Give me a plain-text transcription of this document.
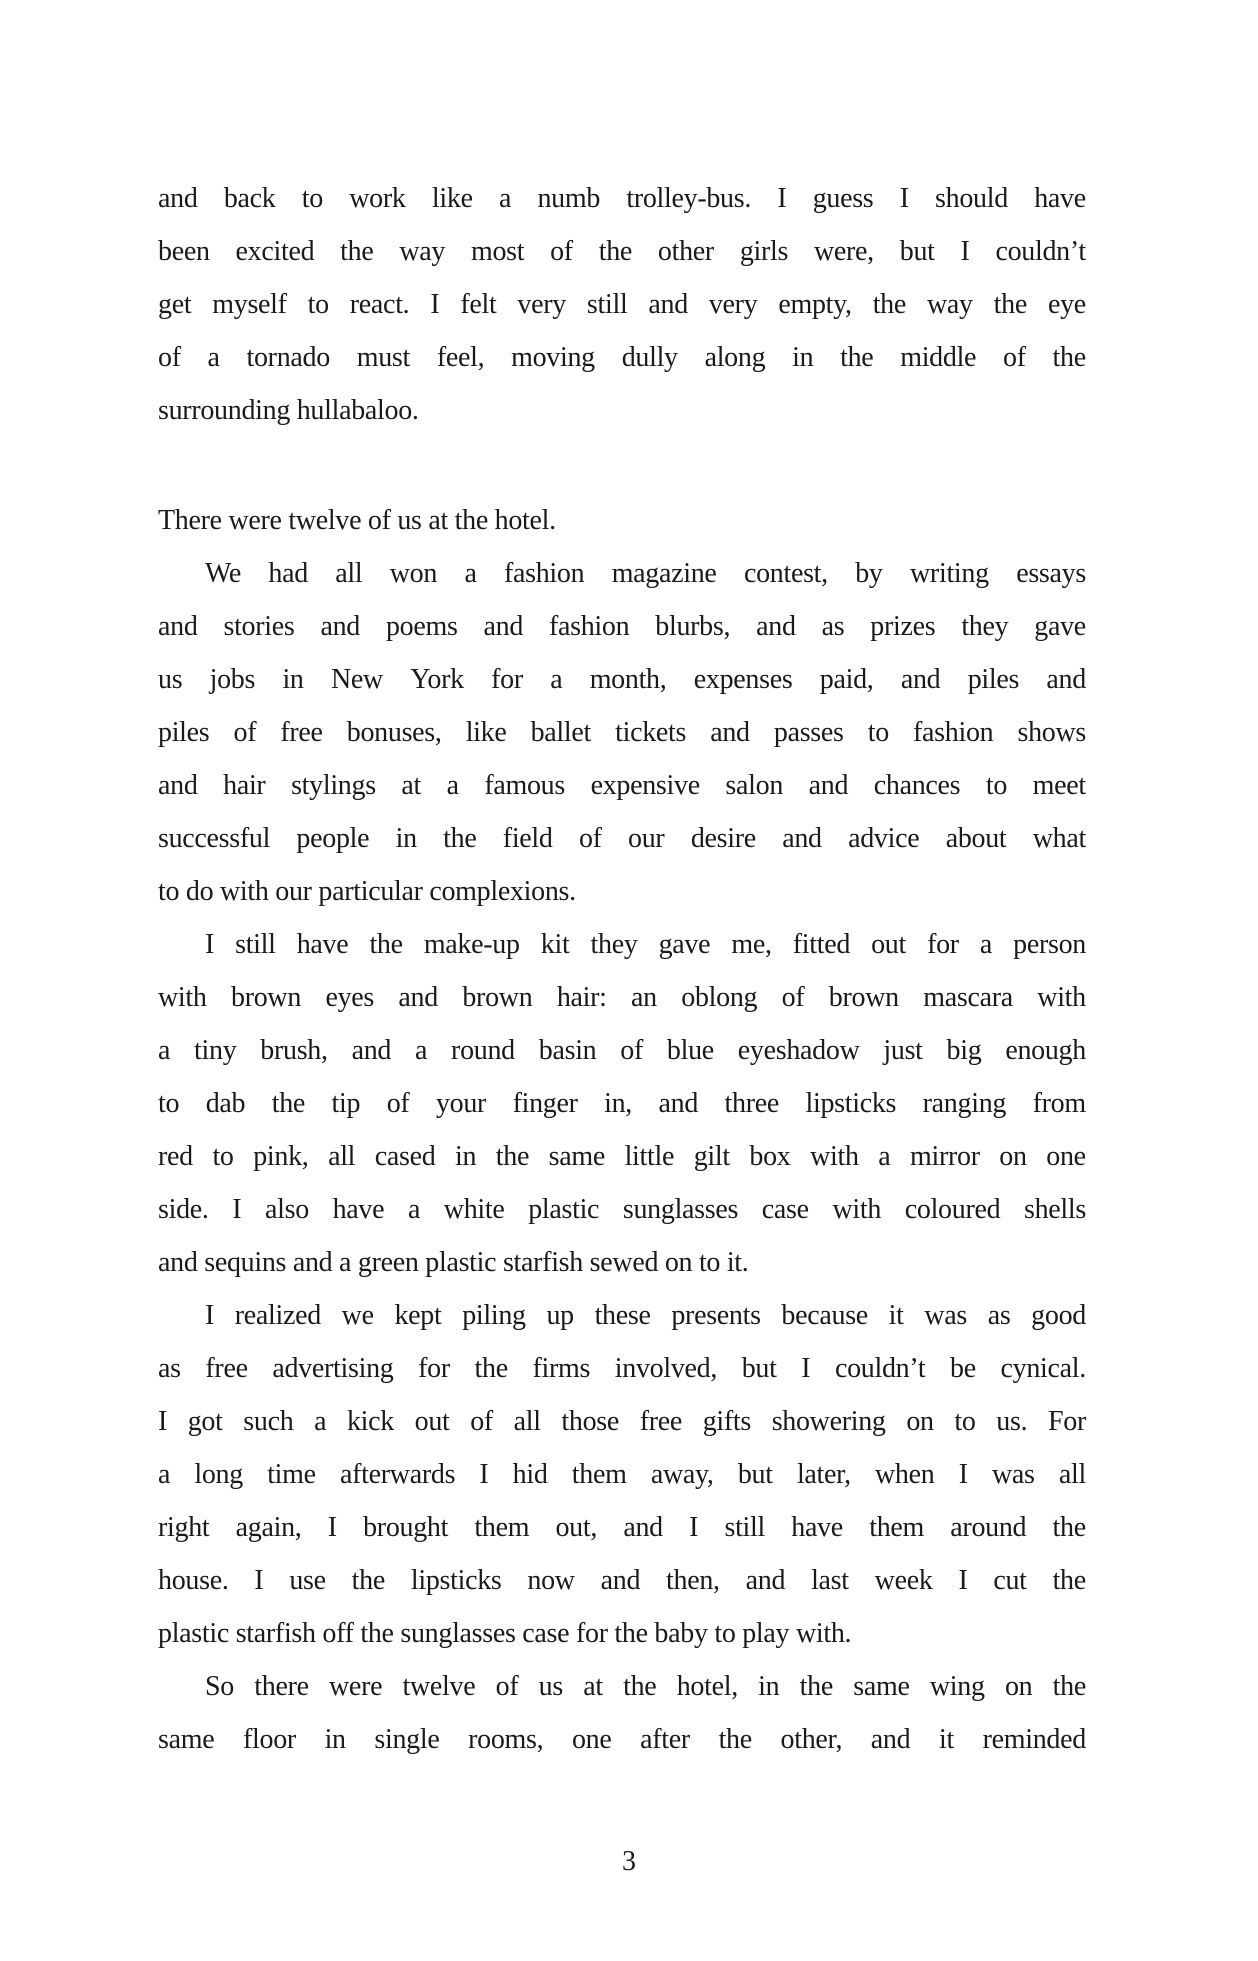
and back to work like a numb trolley-bus. I guess I should have
been excited the way most of the other girls were, but I couldn’t
get myself to react. I felt very still and very empty, the way the eye
of a tornado must feel, moving dully along in the middle of the
surrounding hullabaloo.
There were twelve of us at the hotel.
We had all won a fashion magazine contest, by writing essays
and stories and poems and fashion blurbs, and as prizes they gave
us jobs in New York for a month, expenses paid, and piles and
piles of free bonuses, like ballet tickets and passes to fashion shows
and hair stylings at a famous expensive salon and chances to meet
successful people in the field of our desire and advice about what
to do with our particular complexions.
I still have the make-up kit they gave me, fitted out for a person
with brown eyes and brown hair: an oblong of brown mascara with
a tiny brush, and a round basin of blue eyeshadow just big enough
to dab the tip of your finger in, and three lipsticks ranging from
red to pink, all cased in the same little gilt box with a mirror on one
side. I also have a white plastic sunglasses case with coloured shells
and sequins and a green plastic starfish sewed on to it.
I realized we kept piling up these presents because it was as good
as free advertising for the firms involved, but I couldn’t be cynical.
I got such a kick out of all those free gifts showering on to us. For
a long time afterwards I hid them away, but later, when I was all
right again, I brought them out, and I still have them around the
house. I use the lipsticks now and then, and last week I cut the
plastic starfish off the sunglasses case for the baby to play with.
So there were twelve of us at the hotel, in the same wing on the
same floor in single rooms, one after the other, and it reminded
3
